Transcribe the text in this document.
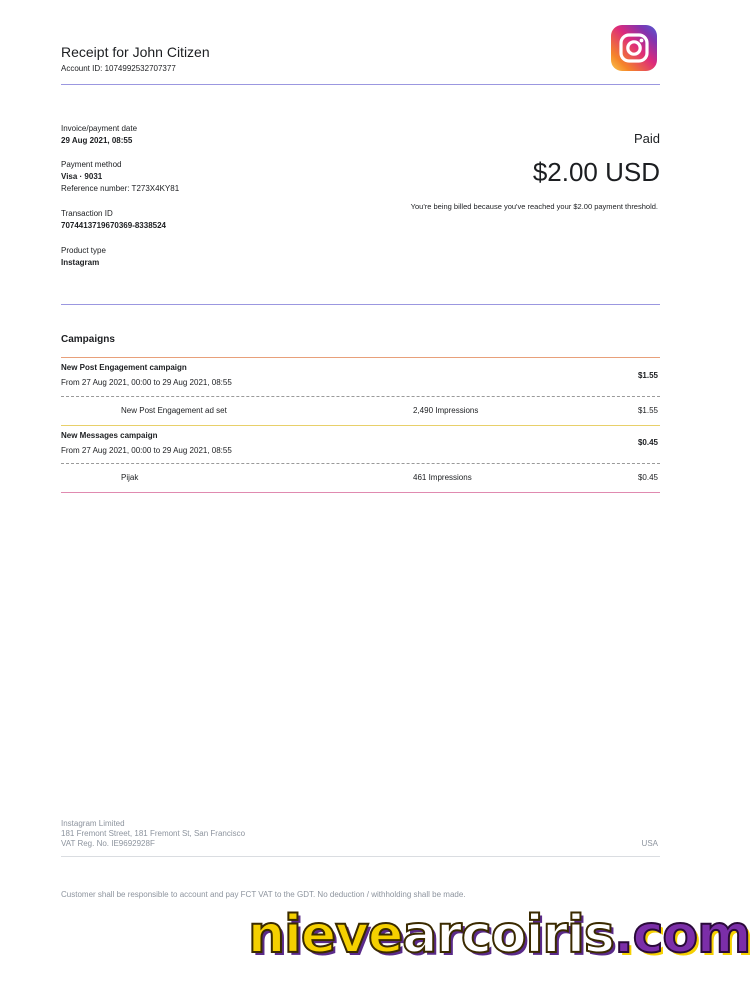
Receipt for John Citizen
Account ID: 1074992532707377
Invoice/payment date
29 Aug 2021, 08:55
Payment method
Visa · 9031
Reference number: T273X4KY81
Transaction ID
7074413719670369-8338524
Product type
Instagram
Paid
$2.00 USD
You're being billed because you've reached your $2.00 payment threshold.
Campaigns
New Post Engagement campaign
From 27 Aug 2021, 00:00 to 29 Aug 2021, 08:55
$1.55
New Post Engagement ad set	2,490 Impressions	$1.55
New Messages campaign
From 27 Aug 2021, 00:00 to 29 Aug 2021, 08:55
$0.45
Pijak	461 Impressions	$0.45
Instagram Limited
181 Fremont Street, 181 Fremont St, San Francisco
VAT Reg. No. IE9692928F	USA
Customer shall be responsible to account and pay FCT VAT to the GDT. No deduction / withholding shall be made.
nievearcoiris.com
